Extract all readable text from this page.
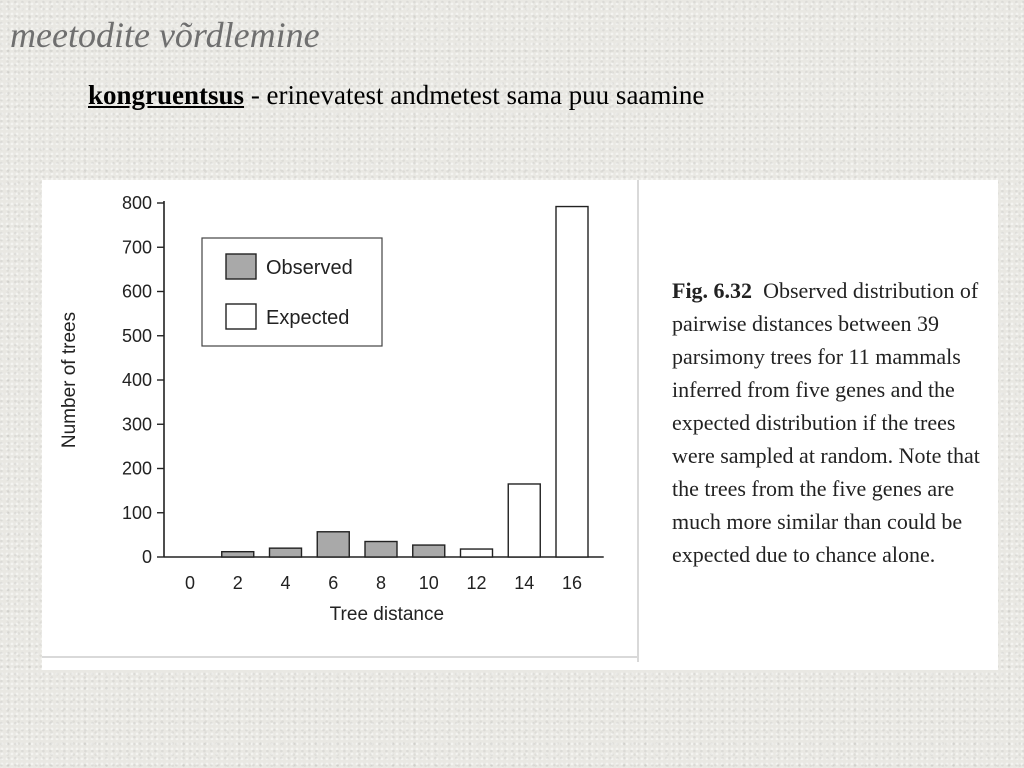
meetodite võrdlemine

kongruentsus - erinevatest andmetest sama puu saamine

0
100
200
300
400
500
600
700
800
0 2 4 6 8 10 12 14 16
Tree distance
Number of trees
Observed
Expected
Fig. 6.32 Observed distribution of pairwise distances between 39 parsimony trees for 11 mammals inferred from five genes and the expected distribution if the trees were sampled at random. Note that the trees from the five genes are much more similar than could be expected due to chance alone.
